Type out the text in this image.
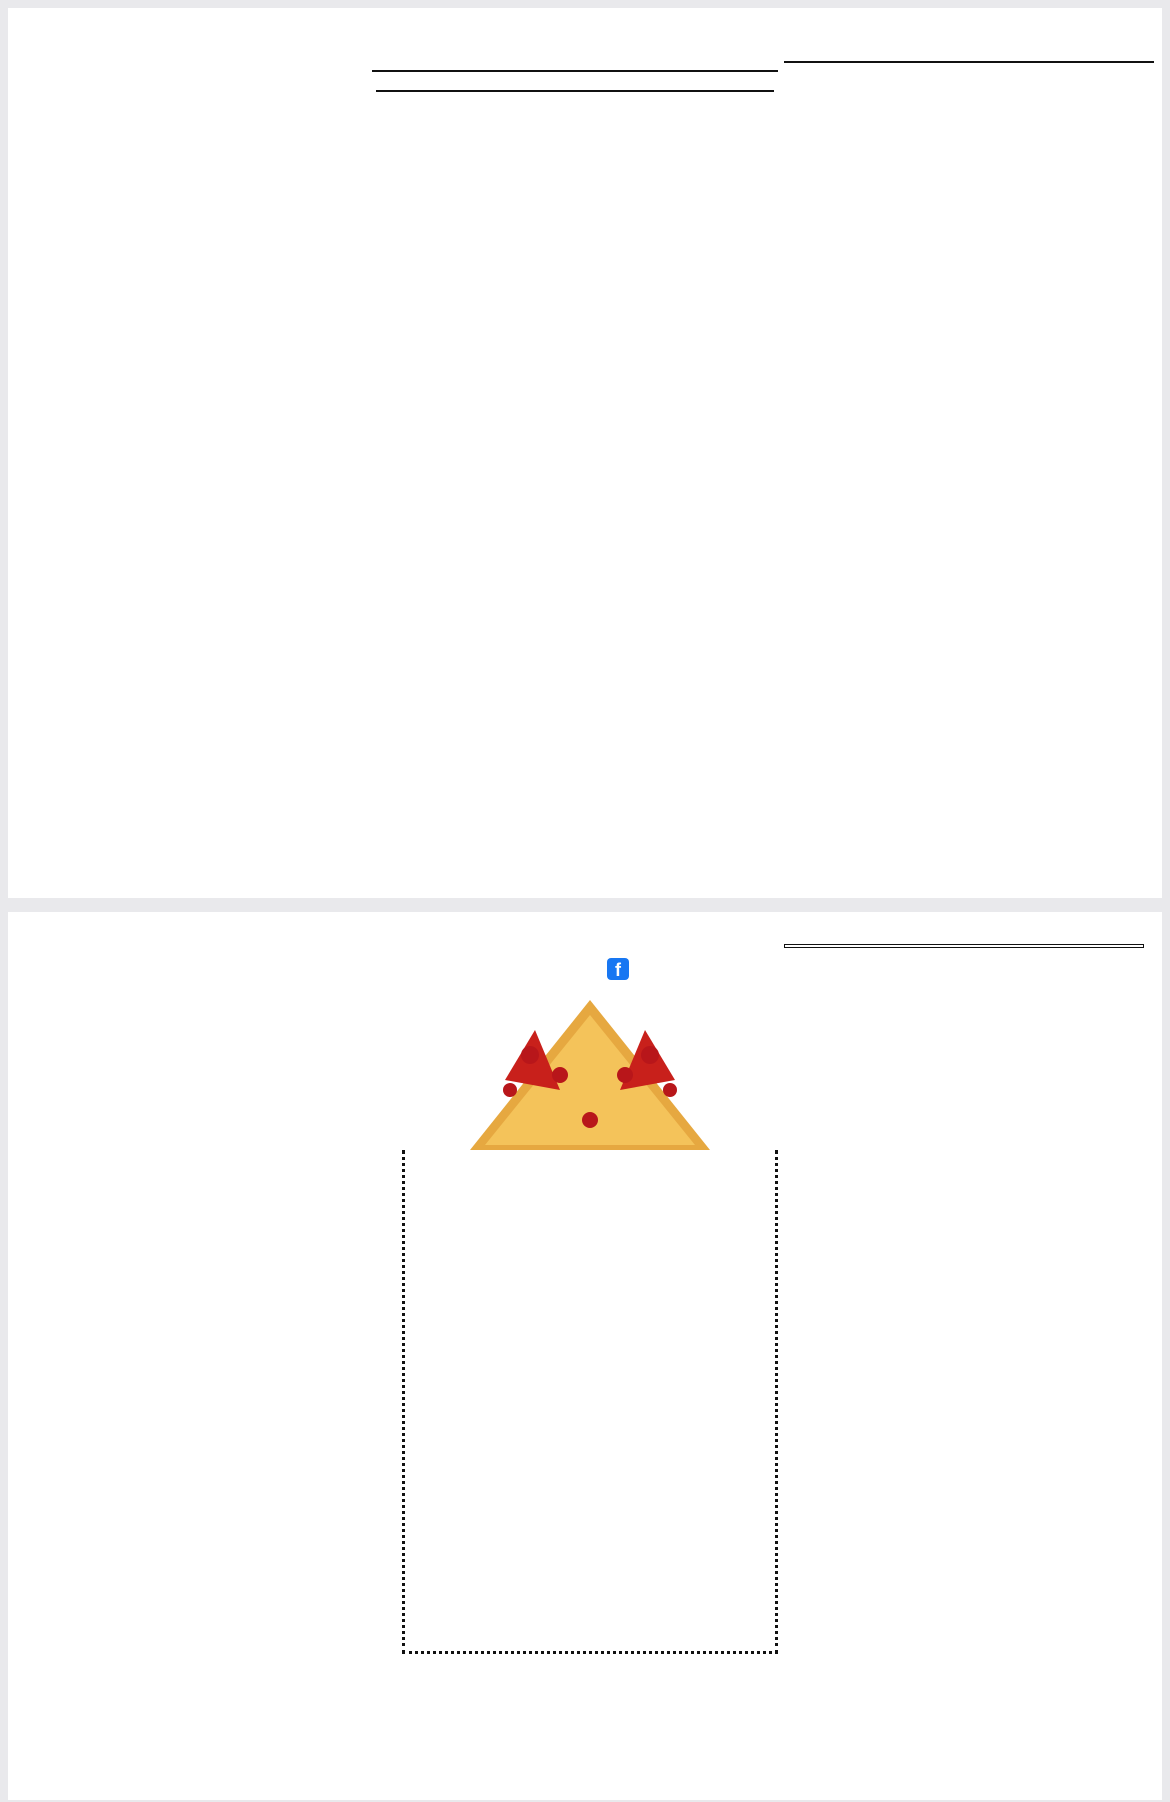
f
